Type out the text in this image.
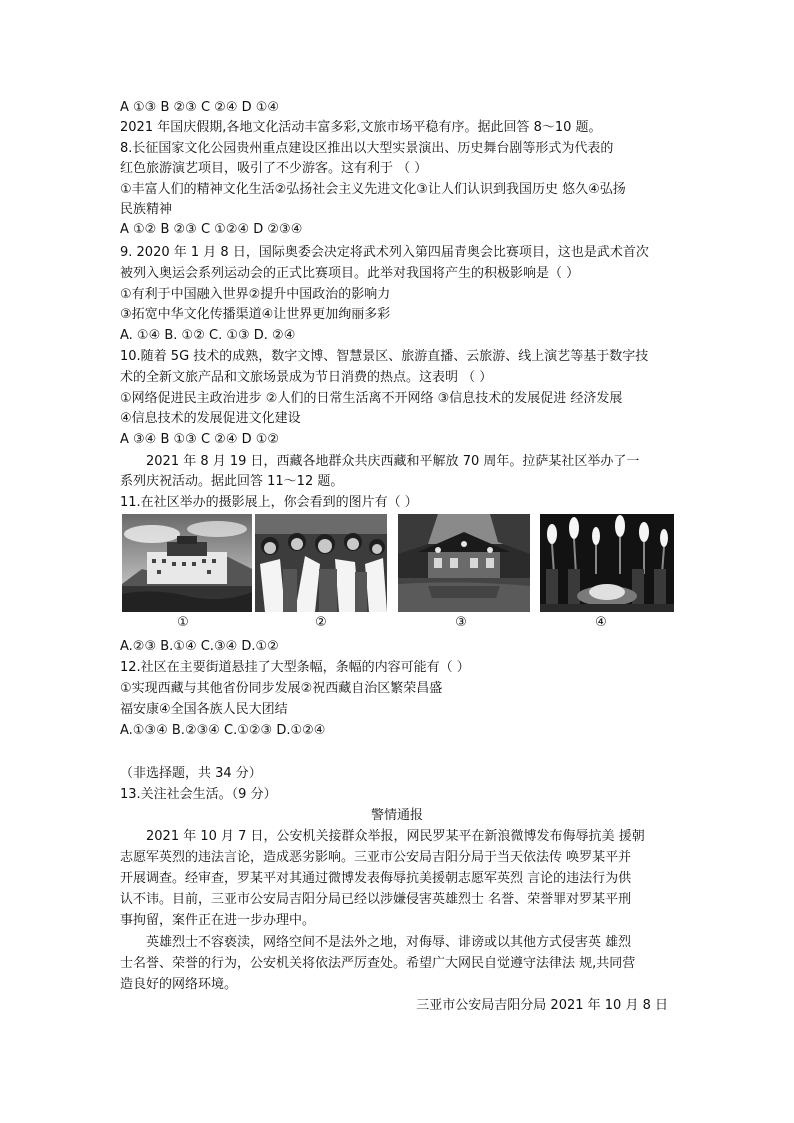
A ①③ B ②③ C ②④ D ①④
2021 年国庆假期,各地文化活动丰富多彩,文旅市场平稳有序。据此回答 8～10 题。
8.长征国家文化公园贵州重点建设区推出以大型实景演出、历史舞台剧等形式为代表的
红色旅游演艺项目，吸引了不少游客。这有利于 （ ）
①丰富人们的精神文化生活②弘扬社会主义先进文化③让人们认识到我国历史 悠久④弘扬
民族精神
A ①② B ②③ C ①②④ D ②③④
9. 2020 年 1 月 8 日，国际奥委会决定将武术列入第四届青奥会比赛项目，这也是武术首次
被列入奥运会系列运动会的正式比赛项目。此举对我国将产生的积极影响是（ ）
①有利于中国融入世界②提升中国政治的影响力
③拓宽中华文化传播渠道④让世界更加绚丽多彩
A. ①④ B. ①② C. ①③ D. ②④
10.随着 5G 技术的成熟，数字文博、智慧景区、旅游直播、云旅游、线上演艺等基于数字技
术的全新文旅产品和文旅场景成为节日消费的热点。这表明 （ ）
①网络促进民主政治进步 ②人们的日常生活离不开网络 ③信息技术的发展促进 经济发展
④信息技术的发展促进文化建设
A ③④ B ①③ C ②④ D ①②
2021 年 8 月 19 日，西藏各地群众共庆西藏和平解放 70 周年。拉萨某社区举办了一
系列庆祝活动。据此回答 11～12 题。
11.在社区举办的摄影展上，你会看到的图片有（ ）
①	②	③	④
A.②③ B.①④ C.③④ D.①②
12.社区在主要街道悬挂了大型条幅，条幅的内容可能有（ ）
①实现西藏与其他省份同步发展②祝西藏自治区繁荣昌盛
福安康④全国各族人民大团结
A.①③④ B.②③④ C.①②③ D.①②④
（非选择题，共 34 分）
13.关注社会生活。（9 分）
警情通报
2021 年 10 月 7 日，公安机关接群众举报，网民罗某平在新浪微博发布侮辱抗美 援朝
志愿军英烈的违法言论，造成恶劣影响。三亚市公安局吉阳分局于当天依法传 唤罗某平并
开展调查。经审查，罗某平对其通过微博发表侮辱抗美援朝志愿军英烈 言论的违法行为供
认不讳。目前，三亚市公安局吉阳分局已经以涉嫌侵害英雄烈士 名誉、荣誉罪对罗某平刑
事拘留，案件正在进一步办理中。
英雄烈士不容亵渎，网络空间不是法外之地，对侮辱、诽谤或以其他方式侵害英 雄烈
士名誉、荣誉的行为，公安机关将依法严厉查处。希望广大网民自觉遵守法律法 规,共同营
造良好的网络环境。
三亚市公安局吉阳分局 2021 年 10 月 8 日
